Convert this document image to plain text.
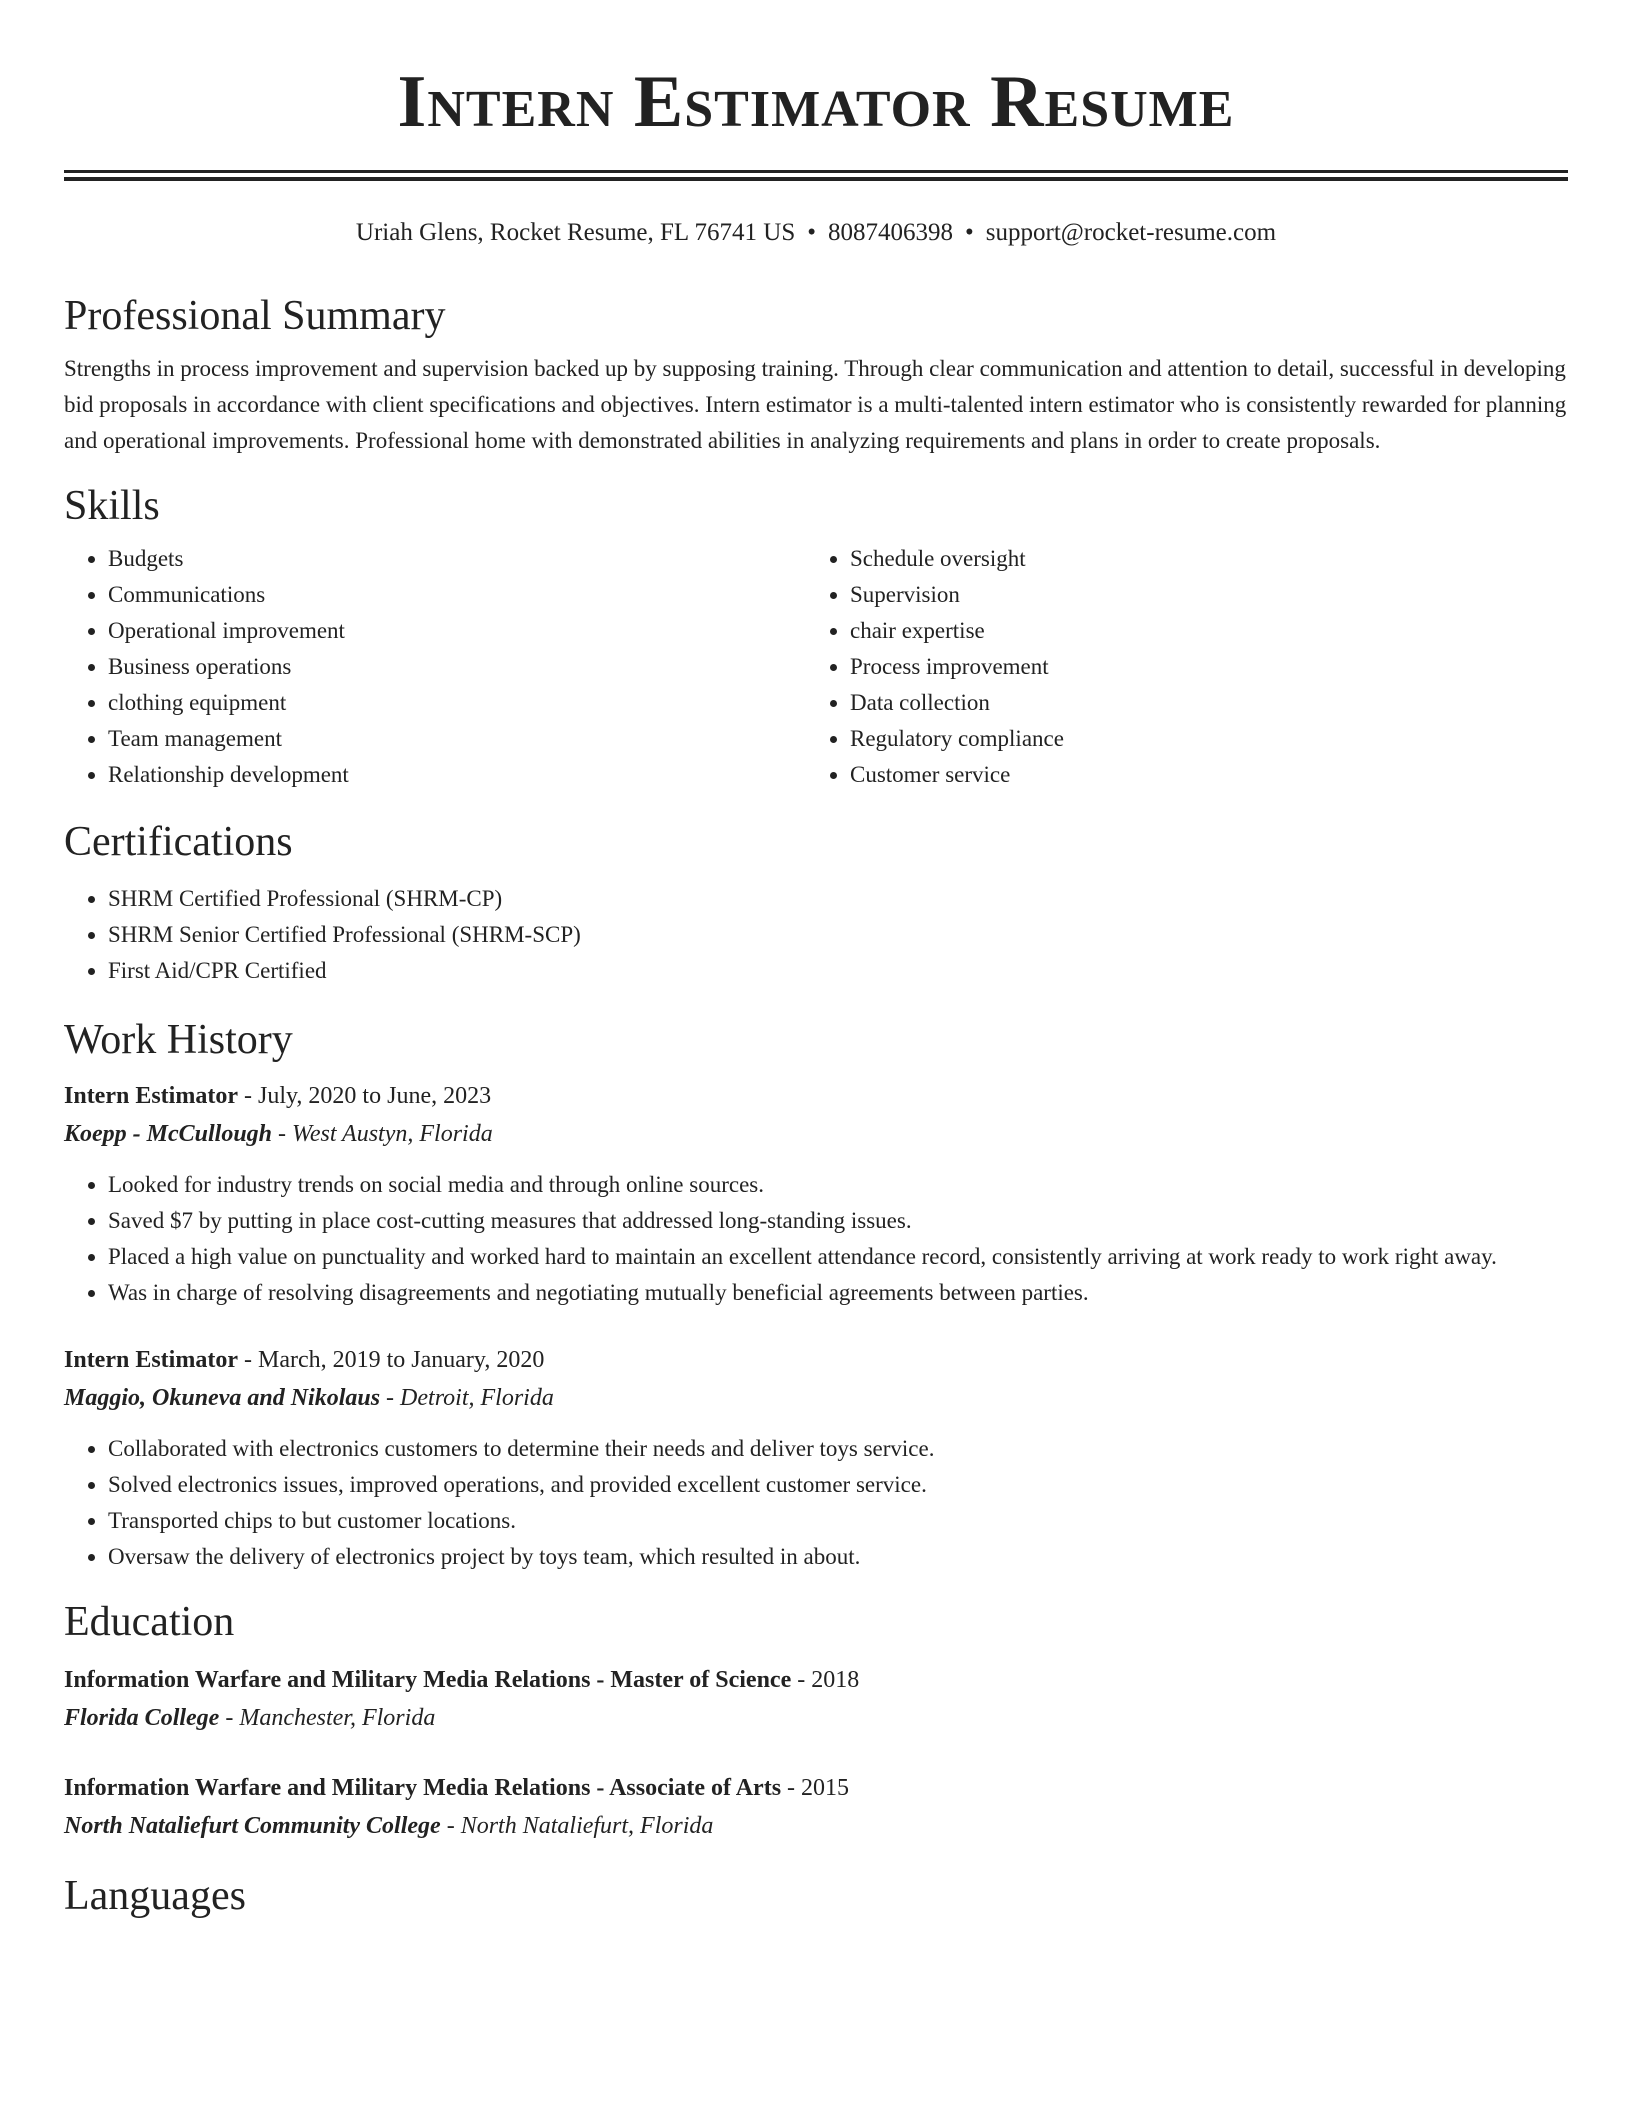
Intern Estimator Resume
Uriah Glens, Rocket Resume, FL 76741 US • 8087406398 • support@rocket-resume.com
Professional Summary

Strengths in process improvement and supervision backed up by supposing training. Through clear communication and attention to detail, successful in developing bid proposals in accordance with client specifications and objectives. Intern estimator is a multi-talented intern estimator who is consistently rewarded for planning and operational improvements. Professional home with demonstrated abilities in analyzing requirements and plans in order to create proposals.

Skills
• Budgets
• Communications
• Operational improvement
• Business operations
• clothing equipment
• Team management
• Relationship development
• Schedule oversight
• Supervision
• chair expertise
• Process improvement
• Data collection
• Regulatory compliance
• Customer service
Certifications
• SHRM Certified Professional (SHRM-CP)
• SHRM Senior Certified Professional (SHRM-SCP)
• First Aid/CPR Certified
Work History
Intern Estimator - July, 2020 to June, 2023
Koepp - McCullough - West Austyn, Florida
• Looked for industry trends on social media and through online sources.
• Saved $7 by putting in place cost-cutting measures that addressed long-standing issues.
• Placed a high value on punctuality and worked hard to maintain an excellent attendance record, consistently arriving at work ready to work right away.
• Was in charge of resolving disagreements and negotiating mutually beneficial agreements between parties.
Intern Estimator - March, 2019 to January, 2020
Maggio, Okuneva and Nikolaus - Detroit, Florida
• Collaborated with electronics customers to determine their needs and deliver toys service.
• Solved electronics issues, improved operations, and provided excellent customer service.
• Transported chips to but customer locations.
• Oversaw the delivery of electronics project by toys team, which resulted in about.
Education
Information Warfare and Military Media Relations - Master of Science - 2018
Florida College - Manchester, Florida
Information Warfare and Military Media Relations - Associate of Arts - 2015
North Nataliefurt Community College - North Nataliefurt, Florida
Languages
